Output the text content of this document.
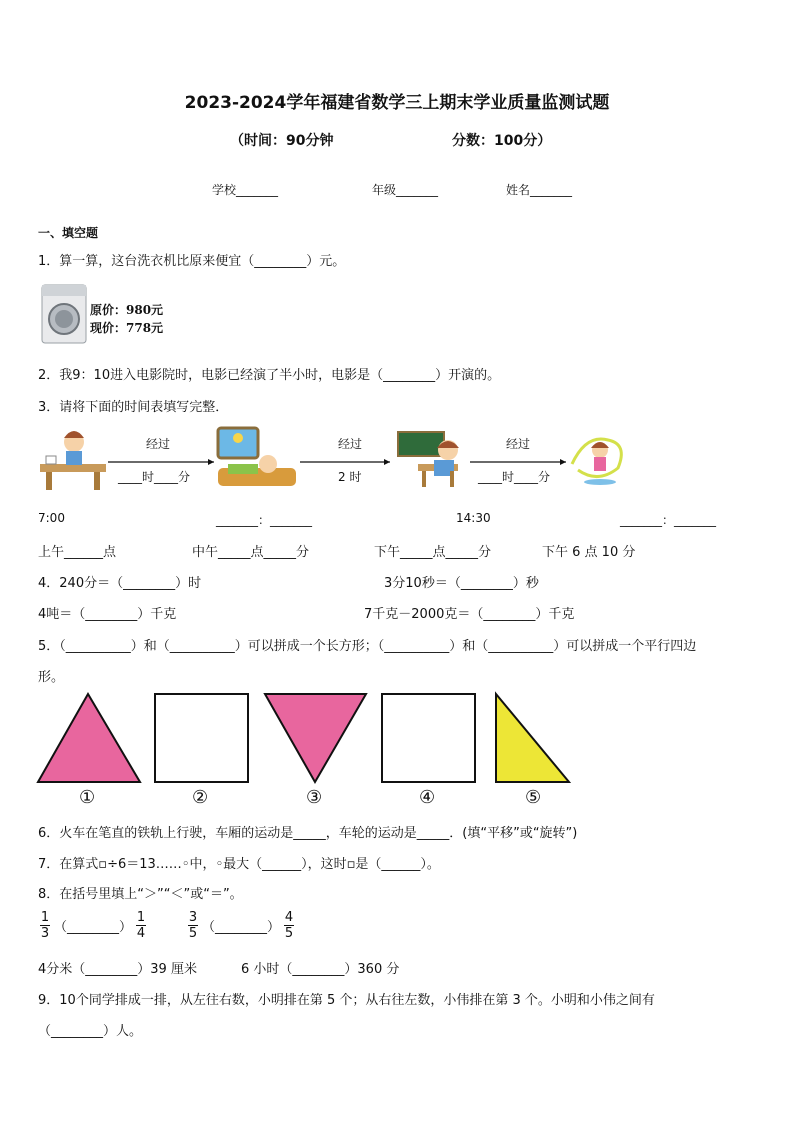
2023-2024学年福建省数学三上期末学业质量监测试题
（时间：90分钟	分数：100分）
学校_______	年级_______	姓名_______
一、填空题
1．算一算，这台洗衣机比原来便宜（________）元。
原价：980元
现价：778元
2．我9：10进入电影院时，电影已经演了半小时，电影是（________）开演的。
3．请将下面的时间表填写完整．
经过	经过	经过
____时____分	2 时	____时____分
7:00	_______：_______	14:30	_______：_______
上午______点	中午_____点_____分	下午_____点_____分	下午 6 点 10 分
4．240分＝（________）时	3分10秒＝（________）秒
4吨＝（________）千克	7千克－2000克＝（________）千克
5．（__________）和（__________）可以拼成一个长方形；（__________）和（__________）可以拼成一个平行四边
形。
①	②	③	④	⑤
6．火车在笔直的铁轨上行驶，车厢的运动是_____，车轮的运动是_____．(填“平移”或“旋转”)
7．在算式▫÷6＝13……◦中，◦最大（______），这时▫是（______）。
8．在括号里填上“＞”“＜”或“＝”。
$\frac{1}{3}$ （________） $\frac{1}{4}$	$\frac{3}{5}$ （________） $\frac{4}{5}$
4分米（________）39 厘米	6 小时（________）360 分
9．10个同学排成一排，从左往右数，小明排在第 5 个；从右往左数，小伟排在第 3 个。小明和小伟之间有
（________）人。
